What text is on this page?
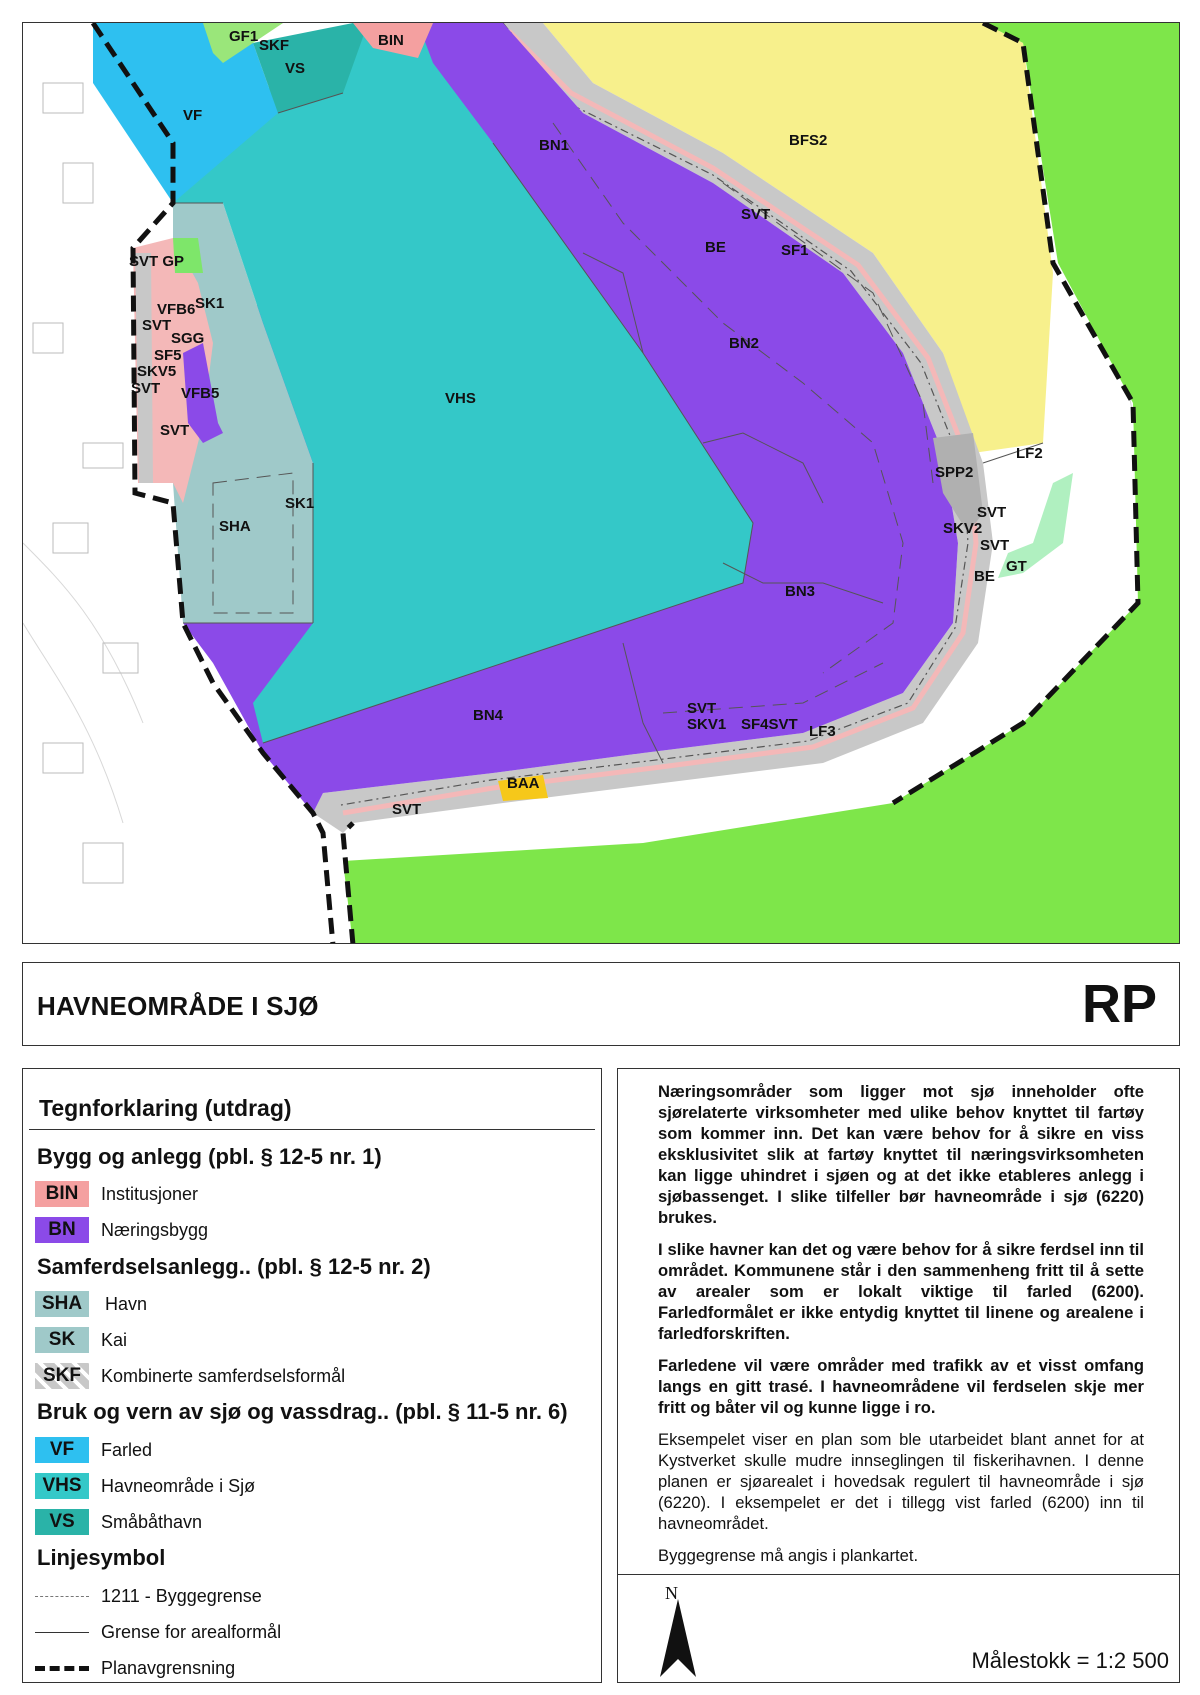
GF1
SKF
VS
BIN
VF
BN1	BFS2
SVT
BE	SF1
SVT GP
VFB6 SK1
SVT
SGG
SF5
SKV5
SVT VFB5
BN2
VHS
SVT
LF2
SPP2
SHA
SK1
SVT
SKV2
SVT
GT
BE
BN3
SVT
BN4
SKV1 SF4SVT LF3
BAA
SVT
HAVNEOMRÅDE I SJØ	RP
Tegnforklaring (utdrag)
Bygg og anlegg (pbl. § 12-5 nr. 1)
BIN	Institusjoner
BN	Næringsbygg
Samferdselsanlegg.. (pbl. § 12-5 nr. 2)
SHA	Havn
SK	Kai
SKF	Kombinerte samferdselsformål
Bruk og vern av sjø og vassdrag.. (pbl. § 11-5 nr. 6)
VF	Farled
VHS	Havneområde i Sjø
VS	Småbåthavn
Linjesymbol
1211 - Byggegrense
Grense for arealformål
Planavgrensning

Næringsområder som ligger mot sjø inneholder ofte sjørelaterte virksomheter med ulike behov knyttet til fartøy som kommer inn. Det kan være behov for å sikre en viss eksklusivitet slik at fartøy knyttet til næringsvirksomheten kan ligge uhindret i sjøen og at det ikke etableres anlegg i sjøbassenget. I slike tilfeller bør havneområde i sjø (6220) brukes.

I slike havner kan det og være behov for å sikre ferdsel inn til området. Kommunene står i den sammenheng fritt til å sette av arealer som er lokalt viktige til farled (6200). Farledformålet er ikke entydig knyttet til linene og arealene i farledforskriften.

Farledene vil være områder med trafikk av et visst omfang langs en gitt trasé. I havneområdene vil ferdselen skje mer fritt og båter vil og kunne ligge i ro.

Eksempelet viser en plan som ble utarbeidet blant annet for at Kystverket skulle mudre innseglingen til fiskerihavnen. I denne planen er sjøarealet i hovedsak regulert til havneområde i sjø (6220). I eksempelet er det i tillegg vist farled (6200) inn til havneområdet.

Byggegrense må angis i plankartet.

N
Målestokk = 1:2 500
